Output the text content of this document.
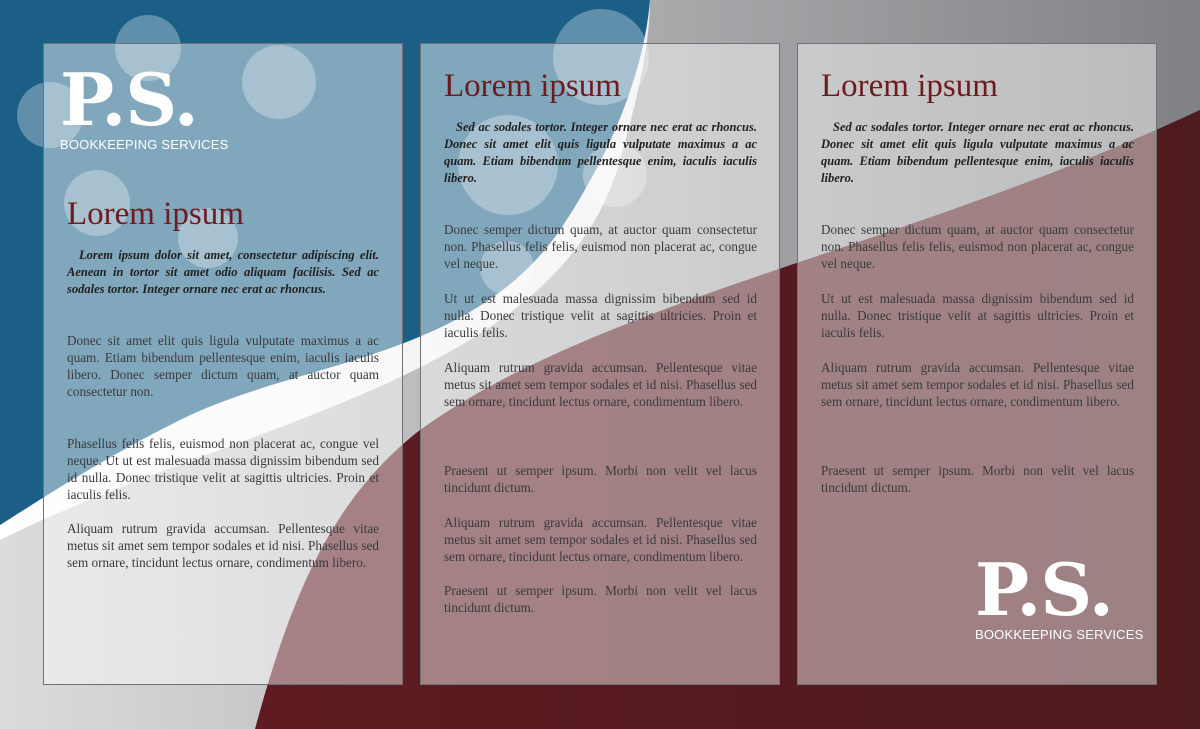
P.S.
BOOKKEEPING SERVICES
Lorem ipsum

Lorem ipsum dolor sit amet, consectetur adipiscing elit. Aenean in tortor sit amet odio aliquam facilisis. Sed ac sodales tortor. Integer ornare nec erat ac rhoncus.

Donec sit amet elit quis ligula vulputate maximus a ac quam. Etiam bibendum pellentesque enim, iaculis iaculis libero. Donec semper dictum quam, at auctor quam consectetur non.

Phasellus felis felis, euismod non placerat ac, congue vel neque. Ut ut est malesuada massa dignissim bibendum sed id nulla. Donec tristique velit at sagittis ultricies. Proin et iaculis felis.

Aliquam rutrum gravida accumsan. Pellentesque vitae metus sit amet sem tempor sodales et id nisi. Phasellus sed sem ornare, tincidunt lectus ornare, condimentum libero.

Lorem ipsum

Sed ac sodales tortor. Integer ornare nec erat ac rhoncus. Donec sit amet elit quis ligula vulputate maximus a ac quam. Etiam bibendum pellentesque enim, iaculis iaculis libero.

Donec semper dictum quam, at auctor quam consectetur non. Phasellus felis felis, euismod non placerat ac, congue vel neque.

Ut ut est malesuada massa dignissim bibendum sed id nulla. Donec tristique velit at sagittis ultricies. Proin et iaculis felis.

Aliquam rutrum gravida accumsan. Pellentesque vitae metus sit amet sem tempor sodales et id nisi. Phasellus sed sem ornare, tincidunt lectus ornare, condimentum libero.

Praesent ut semper ipsum. Morbi non velit vel lacus tincidunt dictum.

Aliquam rutrum gravida accumsan. Pellentesque vitae metus sit amet sem tempor sodales et id nisi. Phasellus sed sem ornare, tincidunt lectus ornare, condimentum libero.

Praesent ut semper ipsum. Morbi non velit vel lacus tincidunt dictum.

Lorem ipsum

Sed ac sodales tortor. Integer ornare nec erat ac rhoncus. Donec sit amet elit quis ligula vulputate maximus a ac quam. Etiam bibendum pellentesque enim, iaculis iaculis libero.

Donec semper dictum quam, at auctor quam consectetur non. Phasellus felis felis, euismod non placerat ac, congue vel neque.

Ut ut est malesuada massa dignissim bibendum sed id nulla. Donec tristique velit at sagittis ultricies. Proin et iaculis felis.

Aliquam rutrum gravida accumsan. Pellentesque vitae metus sit amet sem tempor sodales et id nisi. Phasellus sed sem ornare, tincidunt lectus ornare, condimentum libero.

Praesent ut semper ipsum. Morbi non velit vel lacus tincidunt dictum.

P.S.
BOOKKEEPING SERVICES
